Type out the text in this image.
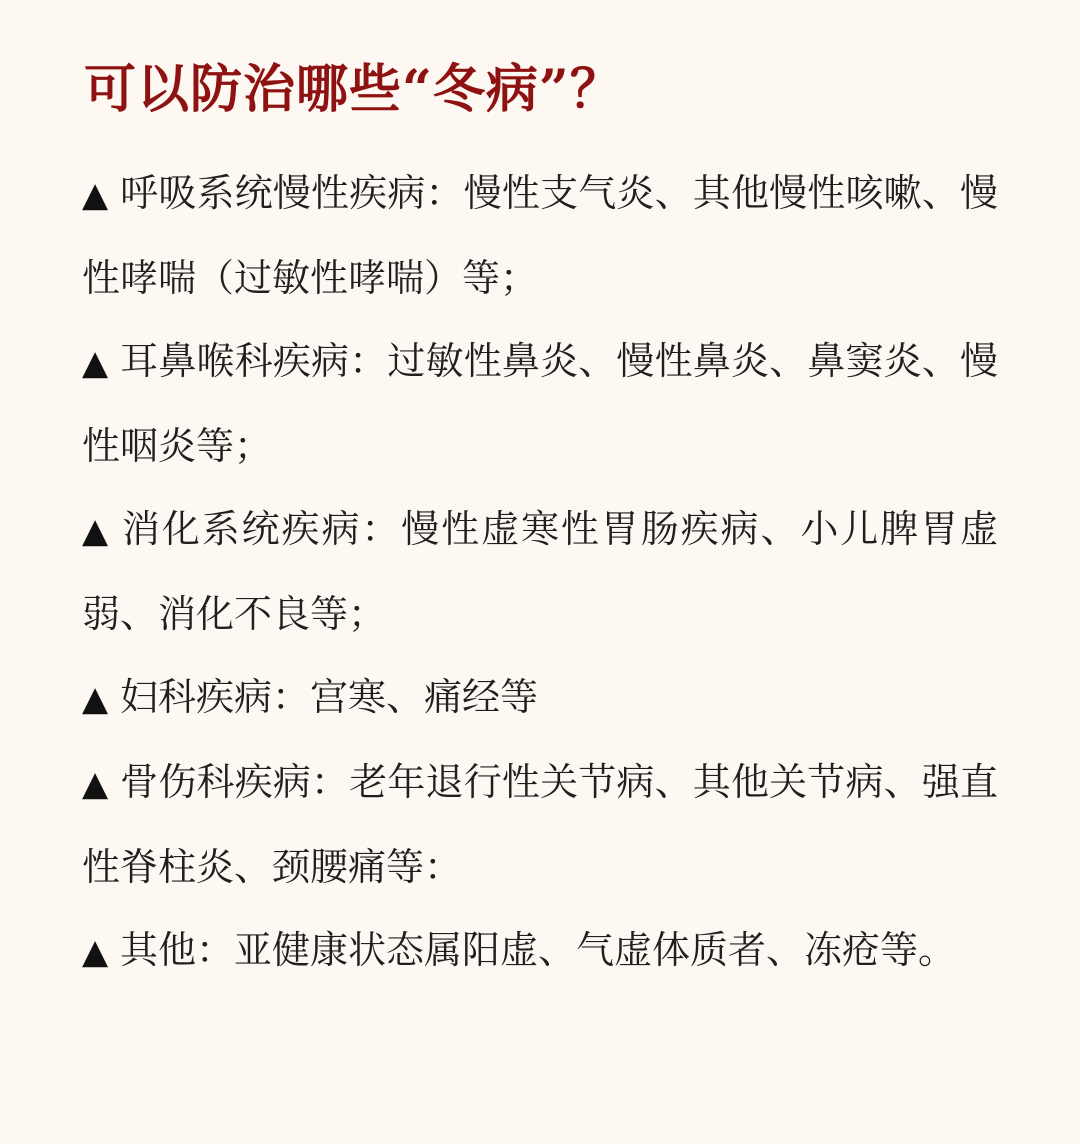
可以防治哪些“冬病”？
▲ 呼吸系统慢性疾病：慢性支气炎、其他慢性咳嗽、慢性哮喘（过敏性哮喘）等；
▲ 耳鼻喉科疾病：过敏性鼻炎、慢性鼻炎、鼻窦炎、慢性咽炎等；
▲ 消化系统疾病：慢性虚寒性胃肠疾病、小儿脾胃虚弱、消化不良等；
▲ 妇科疾病：宫寒、痛经等
▲ 骨伤科疾病：老年退行性关节病、其他关节病、强直性脊柱炎、颈腰痛等：
▲ 其他：亚健康状态属阳虚、气虚体质者、冻疮等。
